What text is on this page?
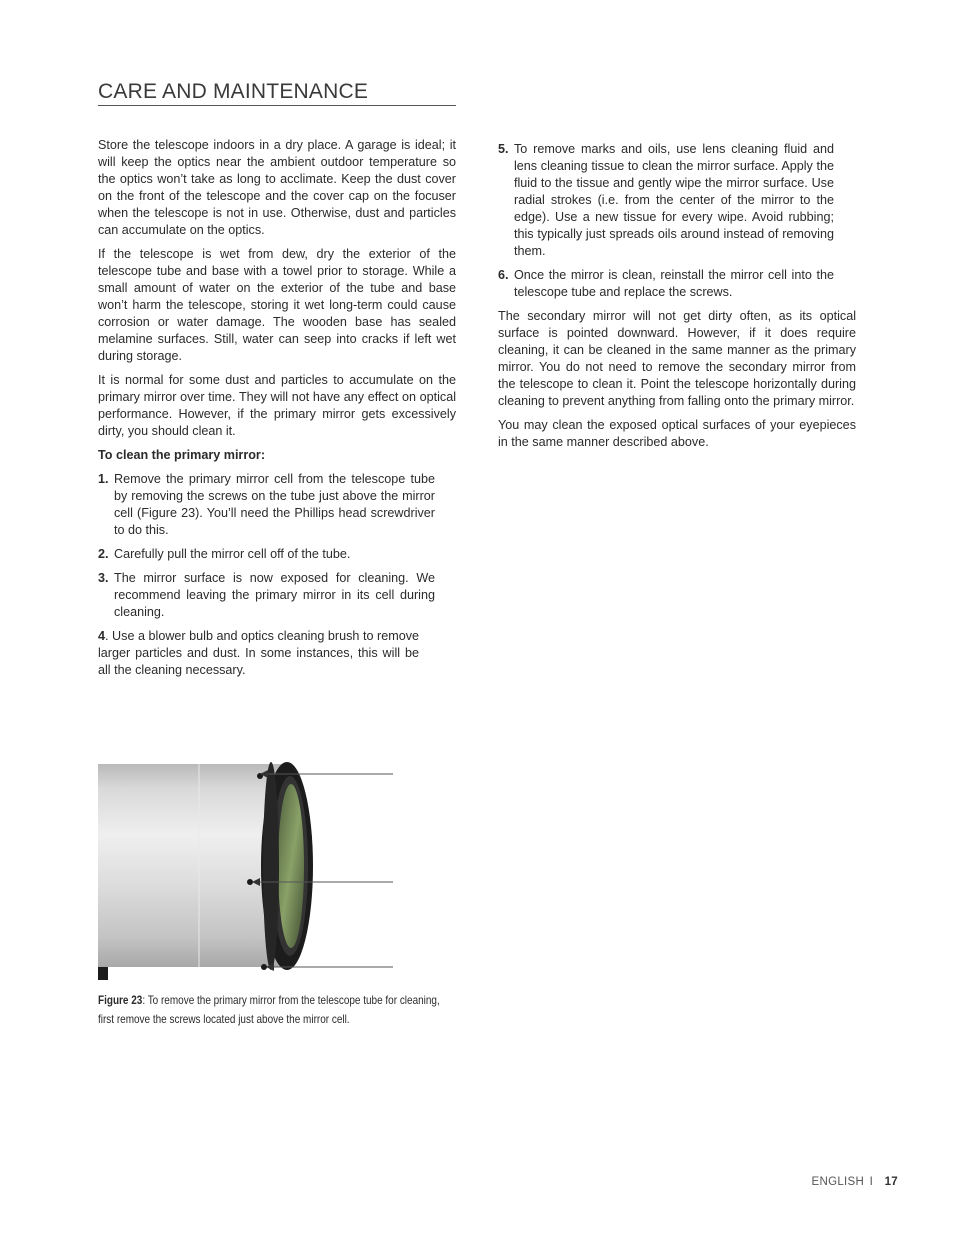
CARE AND MAINTENANCE

Store the telescope indoors in a dry place. A garage is ideal; it will keep the optics near the ambient outdoor temperature so the optics won’t take as long to acclimate. Keep the dust cover on the front of the telescope and the cover cap on the focuser when the telescope is not in use. Otherwise, dust and particles can accumulate on the optics.

If the telescope is wet from dew, dry the exterior of the telescope tube and base with a towel prior to storage. While a small amount of water on the exterior of the tube and base won’t harm the telescope, storing it wet long-term could cause corrosion or water damage. The wooden base has sealed melamine surfaces. Still, water can seep into cracks if left wet during storage.

It is normal for some dust and particles to accumulate on the primary mirror over time. They will not have any effect on optical performance. However, if the primary mirror gets excessively dirty, you should clean it.

To clean the primary mirror:
1. Remove the primary mirror cell from the telescope tube by removing the screws on the tube just above the mirror cell (Figure 23). You’ll need the Phillips head screwdriver to do this.
2. Carefully pull the mirror cell off of the tube.
3. The mirror surface is now exposed for cleaning. We recommend leaving the primary mirror in its cell during cleaning.
4. Use a blower bulb and optics cleaning brush to remove larger particles and dust. In some instances, this will be all the cleaning necessary.
5. To remove marks and oils, use lens cleaning fluid and lens cleaning tissue to clean the mirror surface. Apply the fluid to the tissue and gently wipe the mirror surface. Use radial strokes (i.e. from the center of the mirror to the edge). Use a new tissue for every wipe. Avoid rubbing; this typically just spreads oils around instead of removing them.
6. Once the mirror is clean, reinstall the mirror cell into the telescope tube and replace the screws.

The secondary mirror will not get dirty often, as its optical surface is pointed downward. However, if it does require cleaning, it can be cleaned in the same manner as the primary mirror. You do not need to remove the secondary mirror from the telescope to clean it. Point the telescope horizontally during cleaning to prevent anything from falling onto the primary mirror.

You may clean the exposed optical surfaces of your eyepieces in the same manner described above.

Figure 23: To remove the primary mirror from the telescope tube for cleaning, first remove the screws located just above the mirror cell.
ENGLISH I 17
